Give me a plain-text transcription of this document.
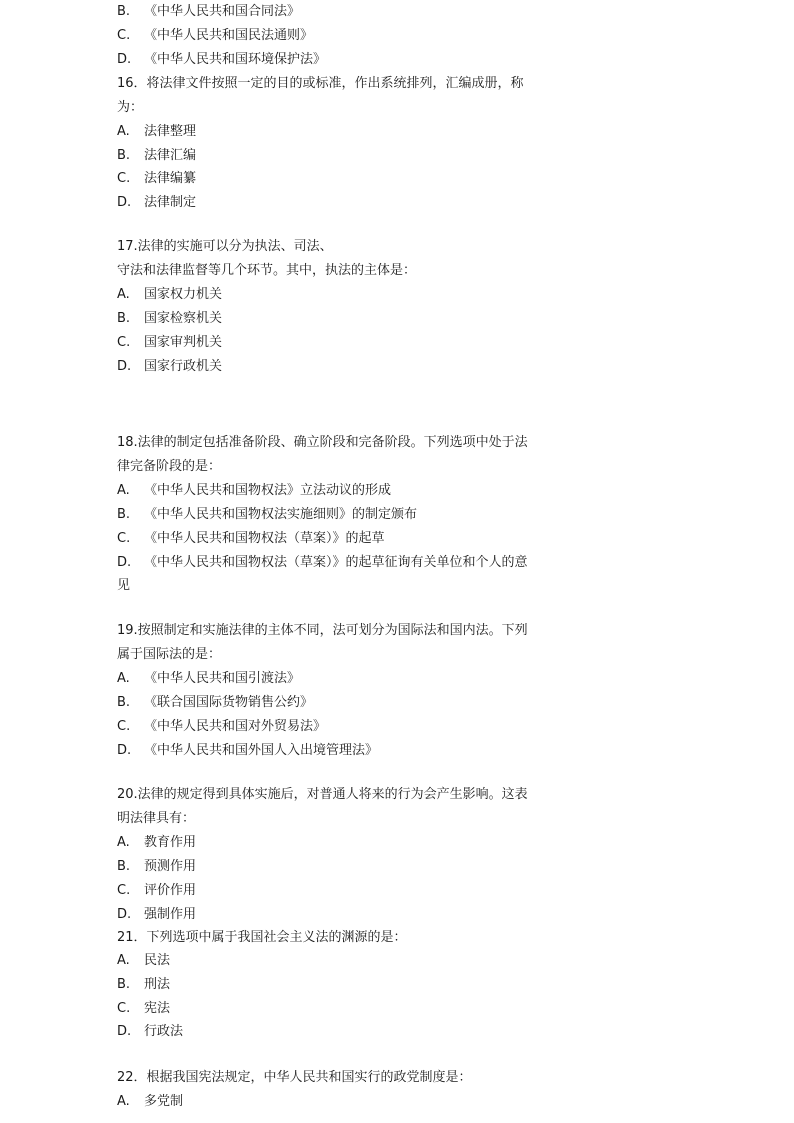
B. 《中华人民共和国合同法》
C. 《中华人民共和国民法通则》
D. 《中华人民共和国环境保护法》
16．将法律文件按照一定的目的或标准，作出系统排列，汇编成册，称
为：
A. 法律整理
B. 法律汇编
C. 法律编纂
D. 法律制定
17.法律的实施可以分为执法、司法、
守法和法律监督等几个环节。其中，执法的主体是：
A. 国家权力机关
B. 国家检察机关
C. 国家审判机关
D. 国家行政机关
18.法律的制定包括准备阶段、确立阶段和完备阶段。下列选项中处于法
律完备阶段的是：
A. 《中华人民共和国物权法》立法动议的形成
B. 《中华人民共和国物权法实施细则》的制定颁布
C. 《中华人民共和国物权法（草案）》的起草
D. 《中华人民共和国物权法（草案）》的起草征询有关单位和个人的意
见
19.按照制定和实施法律的主体不同，法可划分为国际法和国内法。下列
属于国际法的是：
A. 《中华人民共和国引渡法》
B. 《联合国国际货物销售公约》
C. 《中华人民共和国对外贸易法》
D. 《中华人民共和国外国人入出境管理法》
20.法律的规定得到具体实施后，对普通人将来的行为会产生影响。这表
明法律具有：
A. 教育作用
B. 预测作用
C. 评价作用
D. 强制作用
21．下列选项中属于我国社会主义法的渊源的是：
A. 民法
B. 刑法
C. 宪法
D. 行政法
22．根据我国宪法规定，中华人民共和国实行的政党制度是：
A. 多党制
